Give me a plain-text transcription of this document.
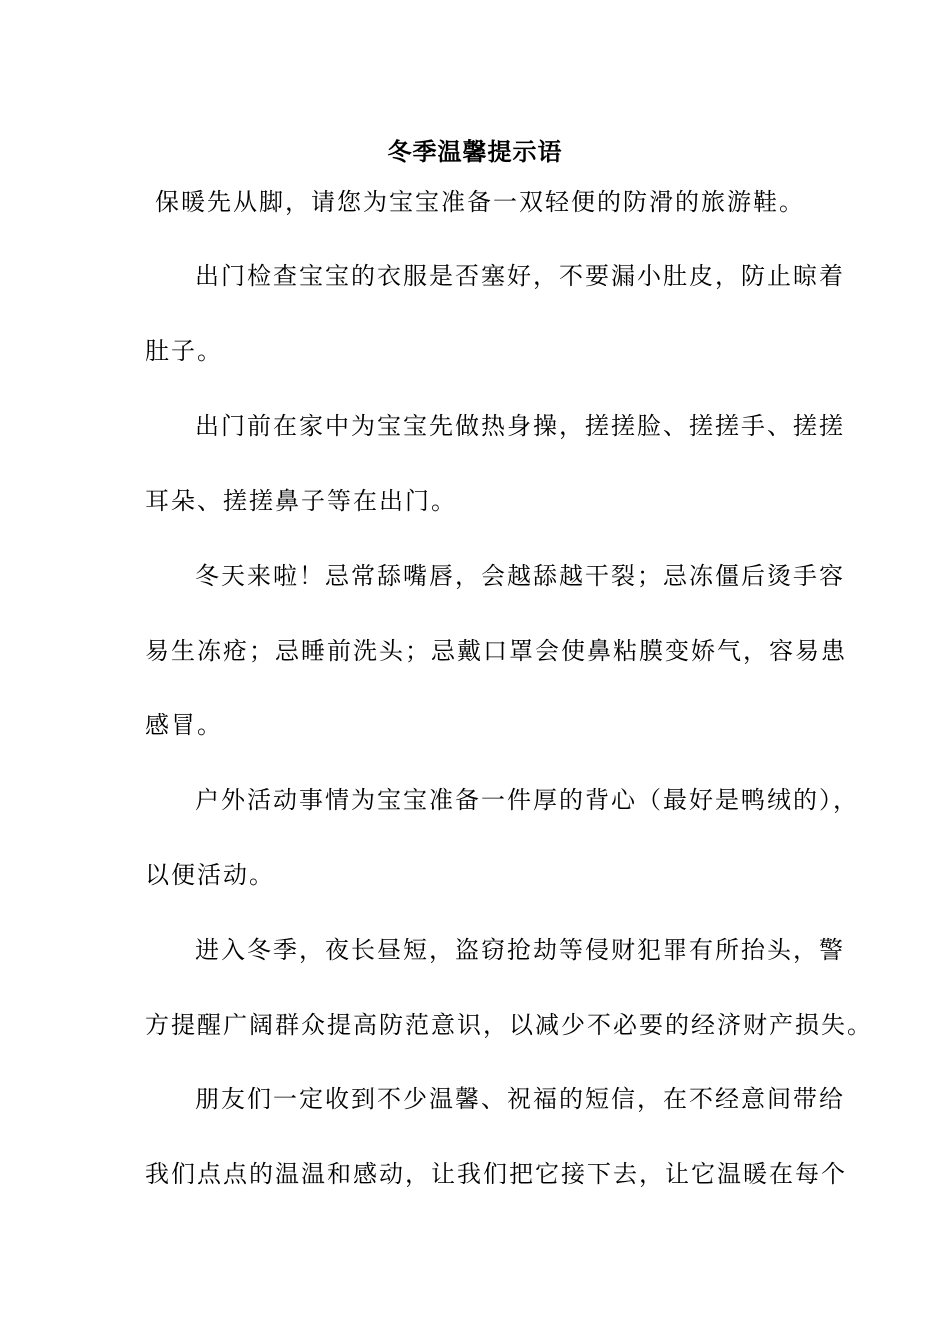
冬季温馨提示语

保暖先从脚，请您为宝宝准备一双轻便的防滑的旅游鞋。

出门检查宝宝的衣服是否塞好，不要漏小肚皮，防止晾着

肚子。

出门前在家中为宝宝先做热身操，搓搓脸、搓搓手、搓搓

耳朵、搓搓鼻子等在出门。

冬天来啦！忌常舔嘴唇，会越舔越干裂；忌冻僵后烫手容

易生冻疮；忌睡前洗头；忌戴口罩会使鼻粘膜变娇气，容易患

感冒。

户外活动事情为宝宝准备一件厚的背心（最好是鸭绒的），

以便活动。

进入冬季，夜长昼短，盗窃抢劫等侵财犯罪有所抬头，警

方提醒广阔群众提高防范意识，以减少不必要的经济财产损失。

朋友们一定收到不少温馨、祝福的短信，在不经意间带给

我们点点的温温和感动，让我们把它接下去，让它温暖在每个
